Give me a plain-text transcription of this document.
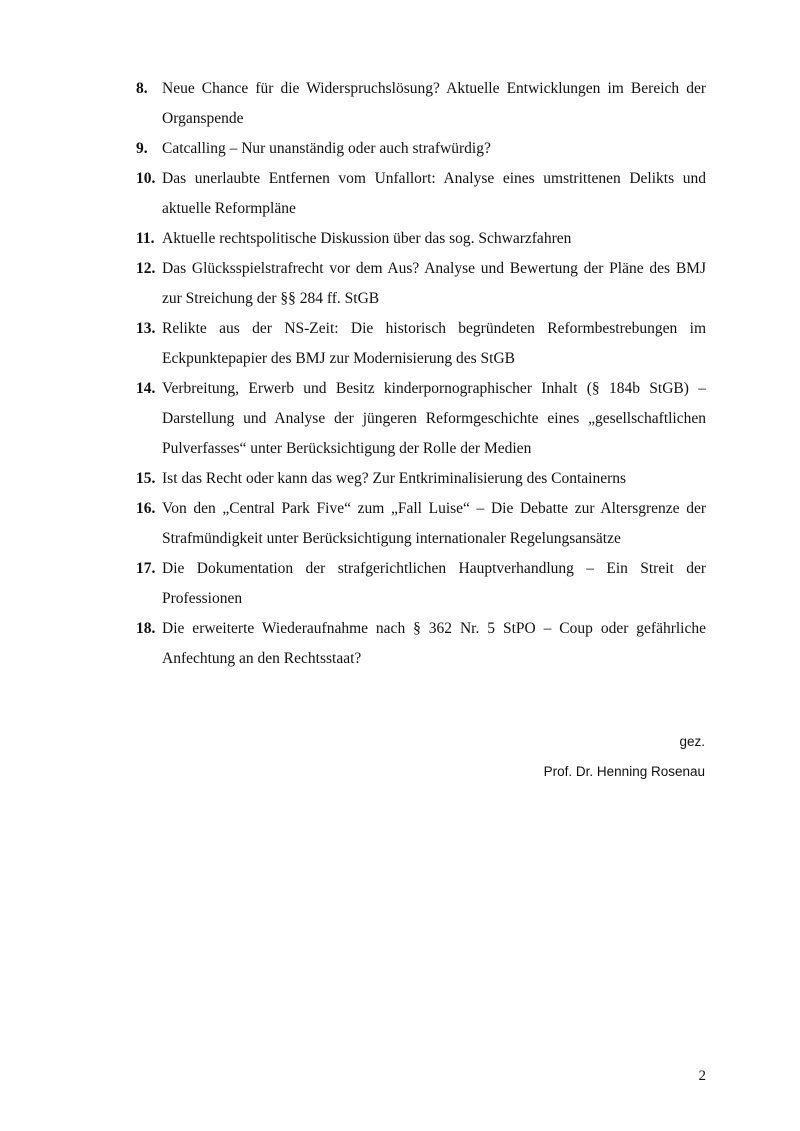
8. Neue Chance für die Widerspruchslösung? Aktuelle Entwicklungen im Bereich der Organspende
9. Catcalling – Nur unanständig oder auch strafwürdig?
10. Das unerlaubte Entfernen vom Unfallort: Analyse eines umstrittenen Delikts und aktuelle Reformpläne
11. Aktuelle rechtspolitische Diskussion über das sog. Schwarzfahren
12. Das Glücksspielstrafrecht vor dem Aus? Analyse und Bewertung der Pläne des BMJ zur Streichung der §§ 284 ff. StGB
13. Relikte aus der NS-Zeit: Die historisch begründeten Reformbestrebungen im Eckpunktepapier des BMJ zur Modernisierung des StGB
14. Verbreitung, Erwerb und Besitz kinderpornographischer Inhalt (§ 184b StGB) – Darstellung und Analyse der jüngeren Reformgeschichte eines „gesellschaftlichen Pulverfasses“ unter Berücksichtigung der Rolle der Medien
15. Ist das Recht oder kann das weg? Zur Entkriminalisierung des Containerns
16. Von den „Central Park Five“ zum „Fall Luise“ – Die Debatte zur Altersgrenze der Strafmündigkeit unter Berücksichtigung internationaler Regelungsansätze
17. Die Dokumentation der strafgerichtlichen Hauptverhandlung – Ein Streit der Professionen
18. Die erweiterte Wiederaufnahme nach § 362 Nr. 5 StPO – Coup oder gefährliche Anfechtung an den Rechtsstaat?
gez.
Prof. Dr. Henning Rosenau
2
